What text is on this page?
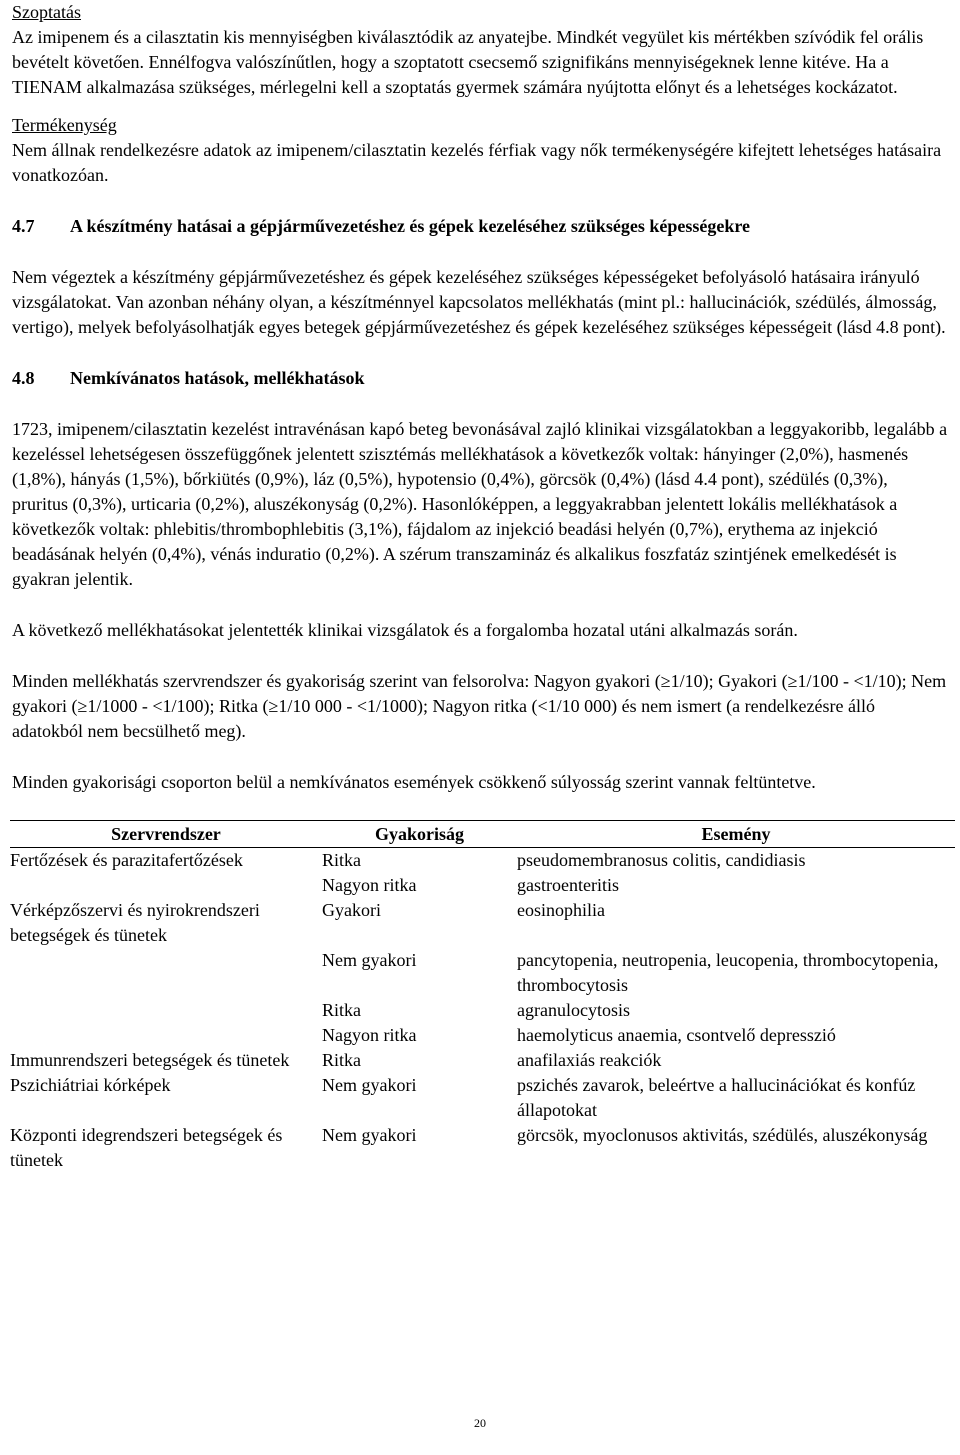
Szoptatás

Az imipenem és a cilasztatin kis mennyiségben kiválasztódik az anyatejbe. Mindkét vegyület kis mértékben szívódik fel orális bevételt követően. Ennélfogva valószínűtlen, hogy a szoptatott csecsemő szignifikáns mennyiségeknek lenne kitéve. Ha a TIENAM alkalmazása szükséges, mérlegelni kell a szoptatás gyermek számára nyújtotta előnyt és a lehetséges kockázatot.

Termékenység

Nem állnak rendelkezésre adatok az imipenem/cilasztatin kezelés férfiak vagy nők termékenységére kifejtett lehetséges hatásaira vonatkozóan.

4.7 A készítmény hatásai a gépjárművezetéshez és gépek kezeléséhez szükséges képességekre

Nem végeztek a készítmény gépjárművezetéshez és gépek kezeléséhez szükséges képességeket befolyásoló hatásaira irányuló vizsgálatokat. Van azonban néhány olyan, a készítménnyel kapcsolatos mellékhatás (mint pl.: hallucinációk, szédülés, álmosság, vertigo), melyek befolyásolhatják egyes betegek gépjárművezetéshez és gépek kezeléséhez szükséges képességeit (lásd 4.8 pont).

4.8 Nemkívánatos hatások, mellékhatások

1723, imipenem/cilasztatin kezelést intravénásan kapó beteg bevonásával zajló klinikai vizsgálatokban a leggyakoribb, legalább a kezeléssel lehetségesen összefüggőnek jelentett szisztémás mellékhatások a következők voltak: hányinger (2,0%), hasmenés (1,8%), hányás (1,5%), bőrkiütés (0,9%), láz (0,5%), hypotensio (0,4%), görcsök (0,4%) (lásd 4.4 pont), szédülés (0,3%), pruritus (0,3%), urticaria (0,2%), aluszékonyság (0,2%). Hasonlóképpen, a leggyakrabban jelentett lokális mellékhatások a következők voltak: phlebitis/thrombophlebitis (3,1%), fájdalom az injekció beadási helyén (0,7%), erythema az injekció beadásának helyén (0,4%), vénás induratio (0,2%). A szérum transzamináz és alkalikus foszfatáz szintjének emelkedését is gyakran jelentik.

A következő mellékhatásokat jelentették klinikai vizsgálatok és a forgalomba hozatal utáni alkalmazás során.

Minden mellékhatás szervrendszer és gyakoriság szerint van felsorolva: Nagyon gyakori (≥1/10); Gyakori (≥1/100 - <1/10); Nem gyakori (≥1/1000 - <1/100); Ritka (≥1/10 000 - <1/1000); Nagyon ritka (<1/10 000) és nem ismert (a rendelkezésre álló adatokból nem becsülhető meg).

Minden gyakorisági csoporton belül a nemkívánatos események csökkenő súlyosság szerint vannak feltüntetve.

Szervrendszer	Gyakoriság	Esemény
Fertőzések és parazitafertőzések	Ritka	pseudomembranosus colitis, candidiasis
	Nagyon ritka	gastroenteritis
Vérképzőszervi és nyirokrendszeri betegségek és tünetek	Gyakori	eosinophilia
	Nem gyakori	pancytopenia, neutropenia, leucopenia, thrombocytopenia, thrombocytosis
	Ritka	agranulocytosis
	Nagyon ritka	haemolyticus anaemia, csontvelő depresszió
Immunrendszeri betegségek és tünetek	Ritka	anafilaxiás reakciók
Pszichiátriai kórképek	Nem gyakori	pszichés zavarok, beleértve a hallucinációkat és konfúz állapotokat
Központi idegrendszeri betegségek és tünetek	Nem gyakori	görcsök, myoclonusos aktivitás, szédülés, aluszékonyság
20
